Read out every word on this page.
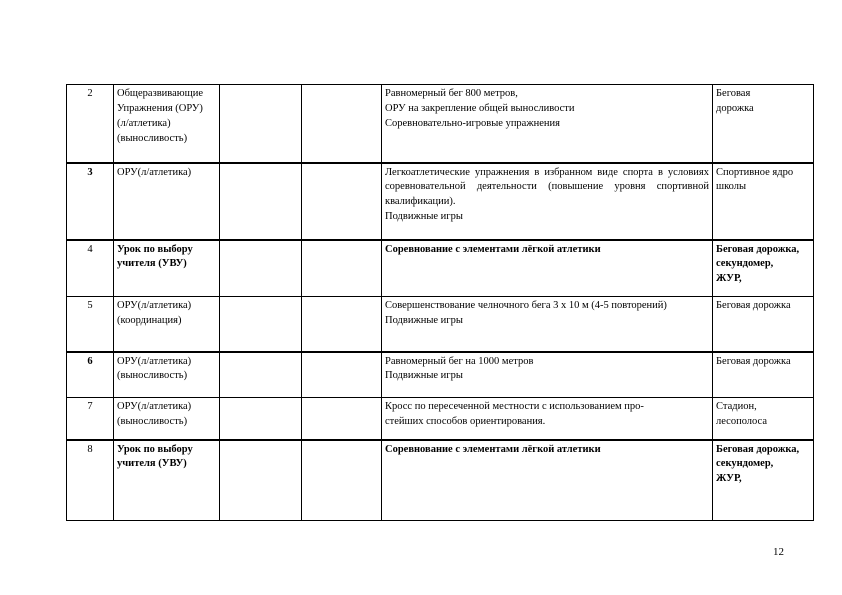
2	Общеразвивающие
Упражнения (ОРУ)
(л/атлетика)
(выносливость)			Равномерный бег 800 метров,
ОРУ на закрепление общей выносливости
Соревновательно-игровые упражнения	Беговая
дорожка

3	ОРУ(л/атлетика)			Легкоатлетические упражнения в избранном виде спорта в условиях соревновательной деятельности (повышение уровня спортивной квалификации).
Подвижные игры	Спортивное ядро
школы

4	Урок по выбору
учителя (УВУ)			Соревнование с элементами лёгкой атлетики	Беговая дорожка,
секундомер,
ЖУР,

5	ОРУ(л/атлетика)
(координация)			Совершенствование челночного бега 3 х 10 м (4-5 повторений)
Подвижные игры	Беговая дорожка

6	ОРУ(л/атлетика)
(выносливость)			Равномерный бег на 1000 метров
Подвижные игры	Беговая дорожка

7	ОРУ(л/атлетика)
(выносливость)			Кросс по пересеченной местности с использованием про-
стейших способов ориентирования.	Стадион,
лесополоса

8	Урок по выбору
учителя (УВУ)			Соревнование с элементами лёгкой атлетики	Беговая дорожка,
секундомер,
ЖУР,
12
